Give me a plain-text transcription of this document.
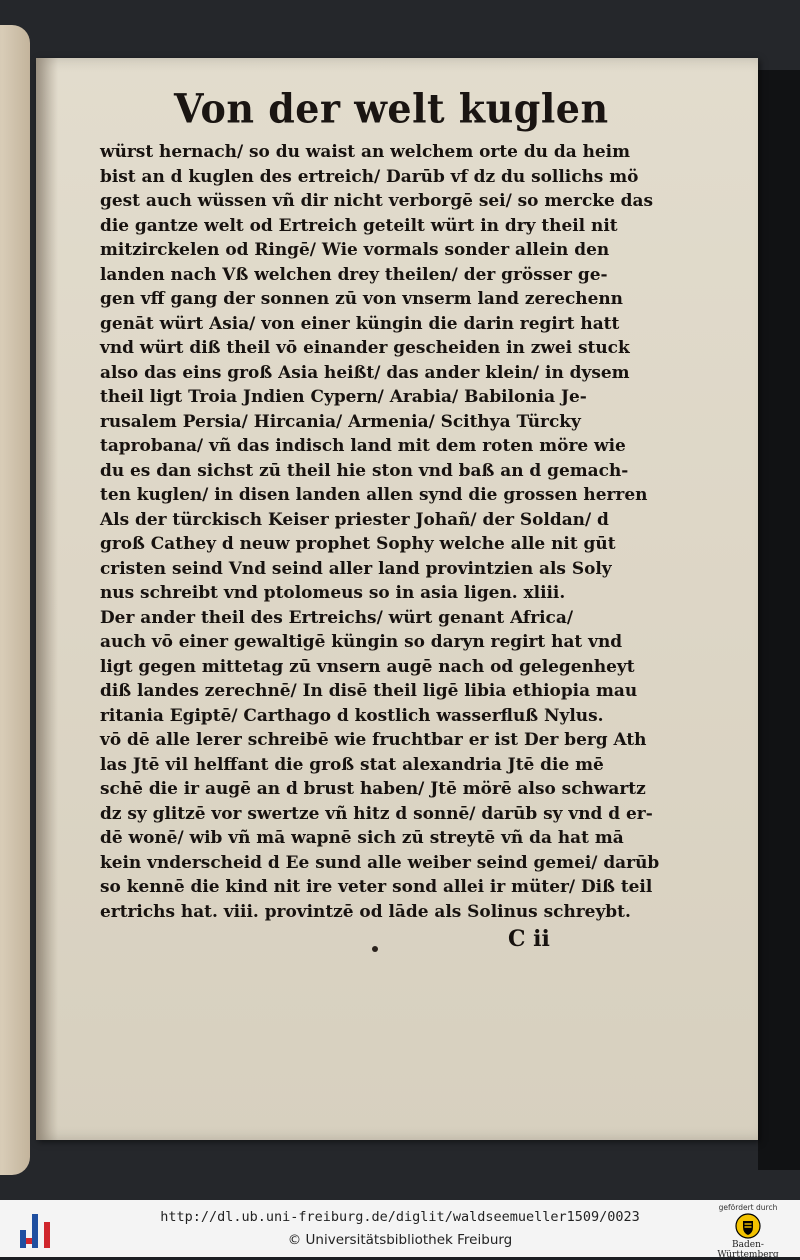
Von der welt kuglen
würst hernach/ so du waist an welchem orte du da heim
bist an d kuglen des ertreich/ Darūb vf dz du sollichs mö
gest auch wüssen vñ dir nicht verborgē sei/ so mercke das
die gantze welt od Ertreich geteilt würt in dry theil nit
mitzirckelen od Ringē/ Wie vormals sonder allein den
landen nach Vß welchen drey theilen/ der grösser ge-
gen vff gang der sonnen zū von vnserm land zerechenn
genāt würt Asia/ von einer küngin die darin regirt hatt
vnd würt diß theil vō einander gescheiden in zwei stuck
also das eins groß Asia heißt/ das ander klein/ in dysem
theil ligt Troia Jndien Cypern/ Arabia/ Babilonia Je-
rusalem Persia/ Hircania/ Armenia/ Scithya Türcky
taprobana/ vñ das indisch land mit dem roten möre wie
du es dan sichst zū theil hie ston vnd baß an d gemach-
ten kuglen/ in disen landen allen synd die grossen herren
Als der türckisch Keiser priester Johañ/ der Soldan/ d
groß Cathey d neuw prophet Sophy welche alle nit gūt
cristen seind Vnd seind aller land provintzien als Soly
nus schreibt vnd ptolomeus so in asia ligen. xliii.
Der ander theil des Ertreichs/ würt genant Africa/
auch vō einer gewaltigē küngin so daryn regirt hat vnd
ligt gegen mittetag zū vnsern augē nach od gelegenheyt
diß landes zerechnē/ In disē theil ligē libia ethiopia mau
ritania Egiptē/ Carthago d kostlich wasserfluß Nylus.
vō dē alle lerer schreibē wie fruchtbar er ist Der berg Ath
las Jtē vil helffant die groß stat alexandria Jtē die mē
schē die ir augē an d brust haben/ Jtē mörē also schwartz
dz sy glitzē vor swertze vñ hitz d sonnē/ darūb sy vnd d er-
dē wonē/ wib vñ mā wapnē sich zū streytē vñ da hat mā
kein vnderscheid d Ee sund alle weiber seind gemei/ darūb
so kennē die kind nit ire veter sond allei ir müter/ Diß teil
ertrichs hat. viii. provintzē od lāde als Solinus schreybt.
C ii
http://dl.ub.uni-freiburg.de/diglit/waldseemueller1509/0023
© Universitätsbibliothek Freiburg
gefördert durch
Baden-Württemberg
